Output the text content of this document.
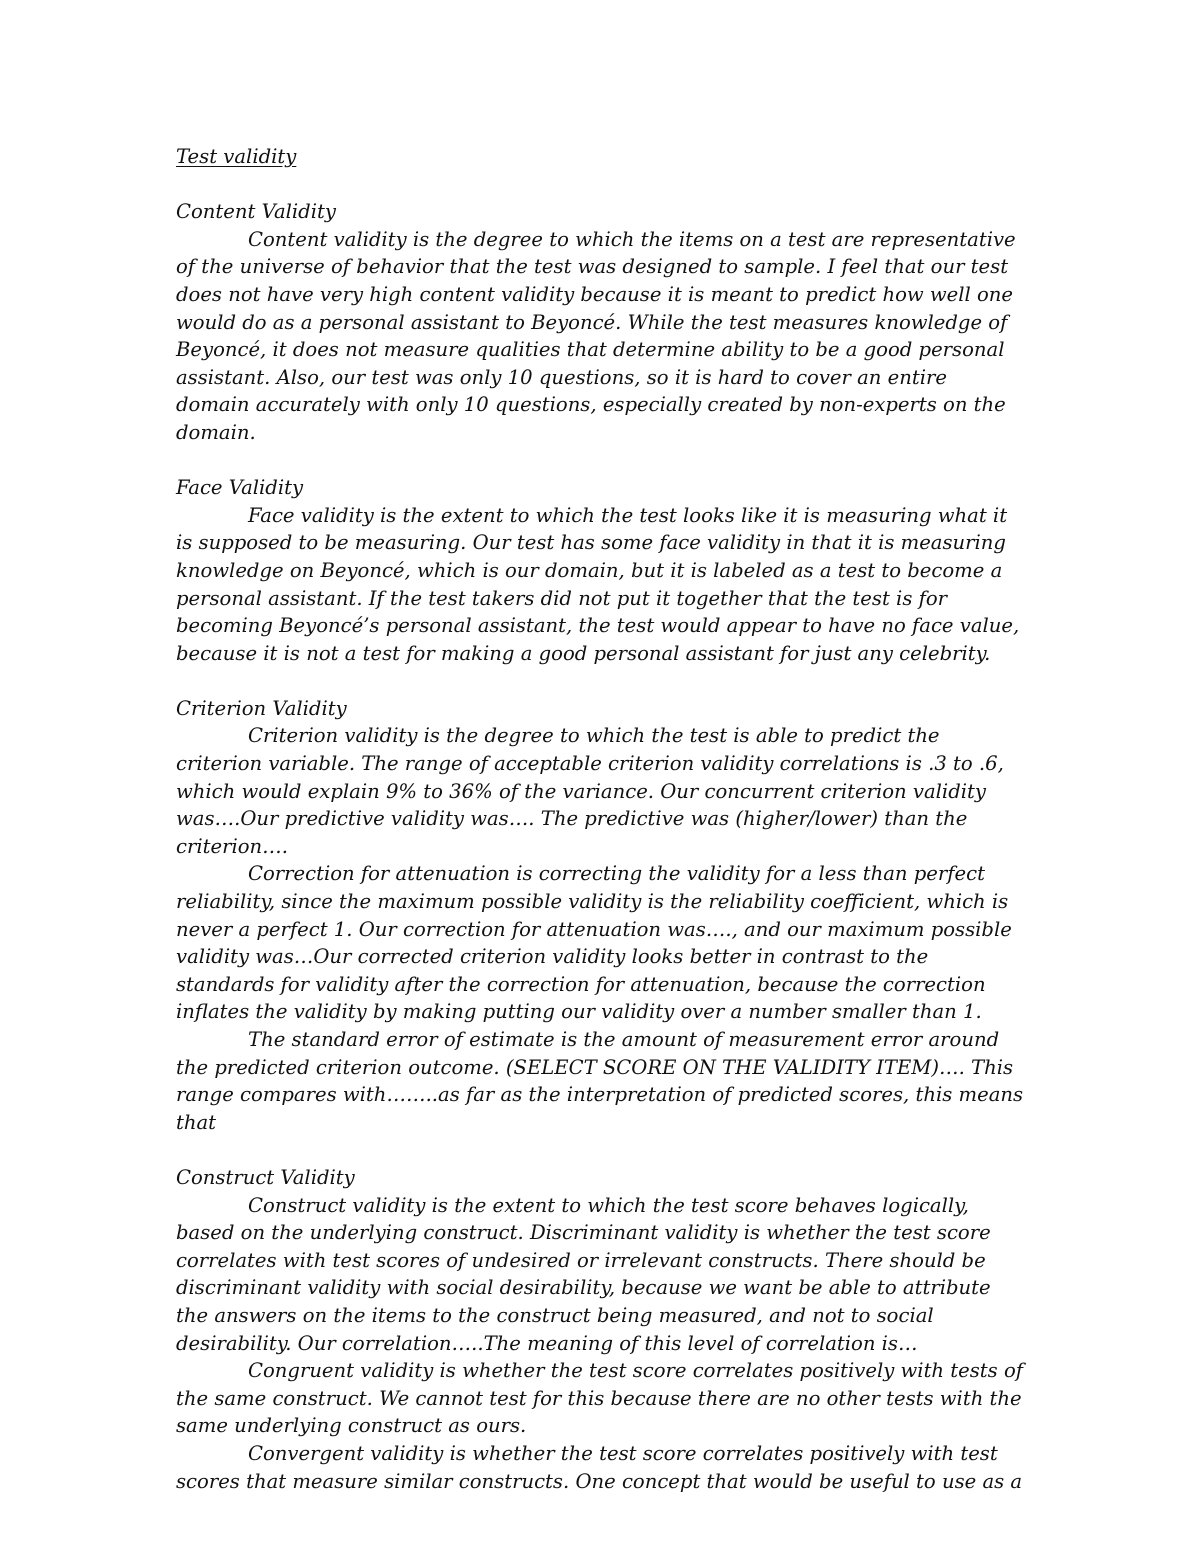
Test validity
Content Validity

Content validity is the degree to which the items on a test are representative of the universe of behavior that the test was designed to sample. I feel that our test does not have very high content validity because it is meant to predict how well one would do as a personal assistant to Beyoncé. While the test measures knowledge of Beyoncé, it does not measure qualities that determine ability to be a good personal assistant. Also, our test was only 10 questions, so it is hard to cover an entire domain accurately with only 10 questions, especially created by non-experts on the domain.

Face Validity

Face validity is the extent to which the test looks like it is measuring what it is supposed to be measuring. Our test has some face validity in that it is measuring knowledge on Beyoncé, which is our domain, but it is labeled as a test to become a personal assistant. If the test takers did not put it together that the test is for becoming Beyoncé’s personal assistant, the test would appear to have no face value, because it is not a test for making a good personal assistant for just any celebrity.

Criterion Validity

Criterion validity is the degree to which the test is able to predict the criterion variable. The range of acceptable criterion validity correlations is .3 to .6, which would explain 9% to 36% of the variance. Our concurrent criterion validity was….Our predictive validity was…. The predictive was (higher/lower) than the criterion….

Correction for attenuation is correcting the validity for a less than perfect reliability, since the maximum possible validity is the reliability coefficient, which is never a perfect 1. Our correction for attenuation was…., and our maximum possible validity was…Our corrected criterion validity looks better in contrast to the standards for validity after the correction for attenuation, because the correction inflates the validity by making putting our validity over a number smaller than 1.

The standard error of estimate is the amount of measurement error around the predicted criterion outcome. (SELECT SCORE ON THE VALIDITY ITEM)…. This range compares with……..as far as the interpretation of predicted scores, this means that

Construct Validity

Construct validity is the extent to which the test score behaves logically, based on the underlying construct. Discriminant validity is whether the test score correlates with test scores of undesired or irrelevant constructs. There should be discriminant validity with social desirability, because we want be able to attribute the answers on the items to the construct being measured, and not to social desirability. Our correlation…..The meaning of this level of correlation is…

Congruent validity is whether the test score correlates positively with tests of the same construct. We cannot test for this because there are no other tests with the same underlying construct as ours.

Convergent validity is whether the test score correlates positively with test scores that measure similar constructs. One concept that would be useful to use as a
